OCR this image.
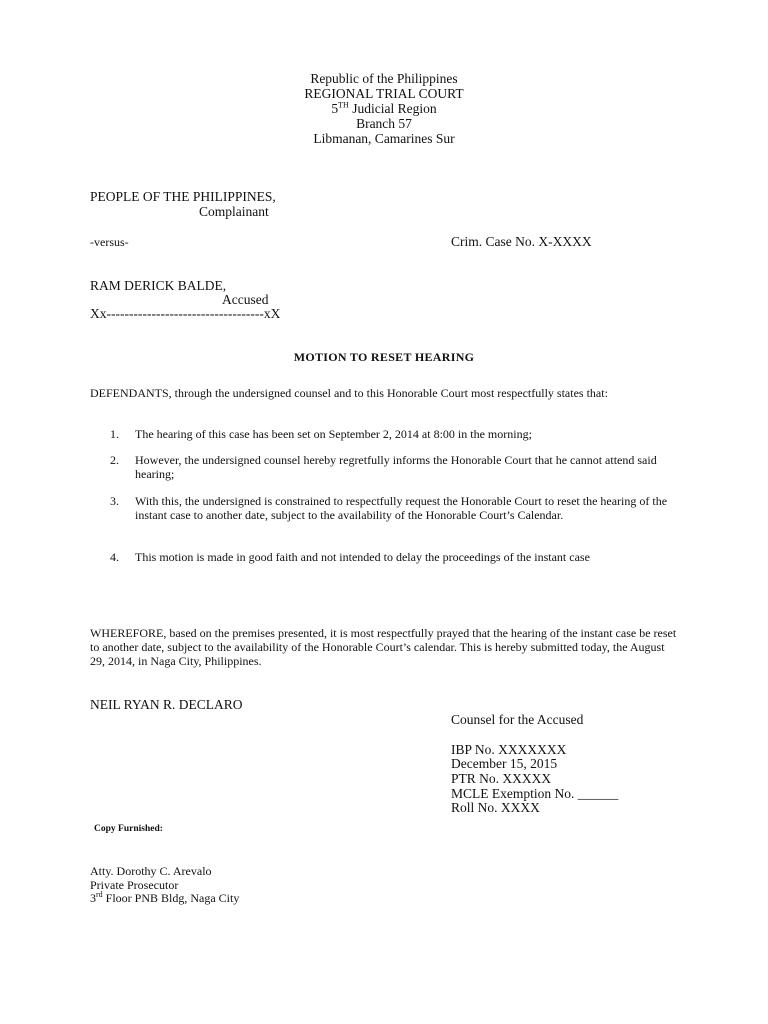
Republic of the Philippines
REGIONAL TRIAL COURT
5TH Judicial Region
Branch 57
Libmanan, Camarines Sur
PEOPLE OF THE PHILIPPINES,
Complainant
-versus-	Crim. Case No. X-XXXX
RAM DERICK BALDE,
Accused
Xx-----------------------------------xX
MOTION TO RESET HEARING
DEFENDANTS, through the undersigned counsel and to this Honorable Court most respectfully states that:
1.	The hearing of this case has been set on September 2, 2014 at 8:00 in the morning;
2.	However, the undersigned counsel hereby regretfully informs the Honorable Court that he cannot attend said hearing;
3.	With this, the undersigned is constrained to respectfully request the Honorable Court to reset the hearing of the instant case to another date, subject to the availability of the Honorable Court’s Calendar.
4.	This motion is made in good faith and not intended to delay the proceedings of the instant case
WHEREFORE, based on the premises presented, it is most respectfully prayed that the hearing of the instant case be reset to another date, subject to the availability of the Honorable Court’s calendar. This is hereby submitted today, the August 29, 2014, in Naga City, Philippines.
NEIL RYAN R. DECLARO
Counsel for the Accused
IBP No. XXXXXXX
December 15, 2015
PTR No. XXXXX
MCLE Exemption No. ______
Roll No. XXXX
Copy Furnished:
Atty. Dorothy C. Arevalo
Private Prosecutor
3rd Floor PNB Bldg, Naga City
